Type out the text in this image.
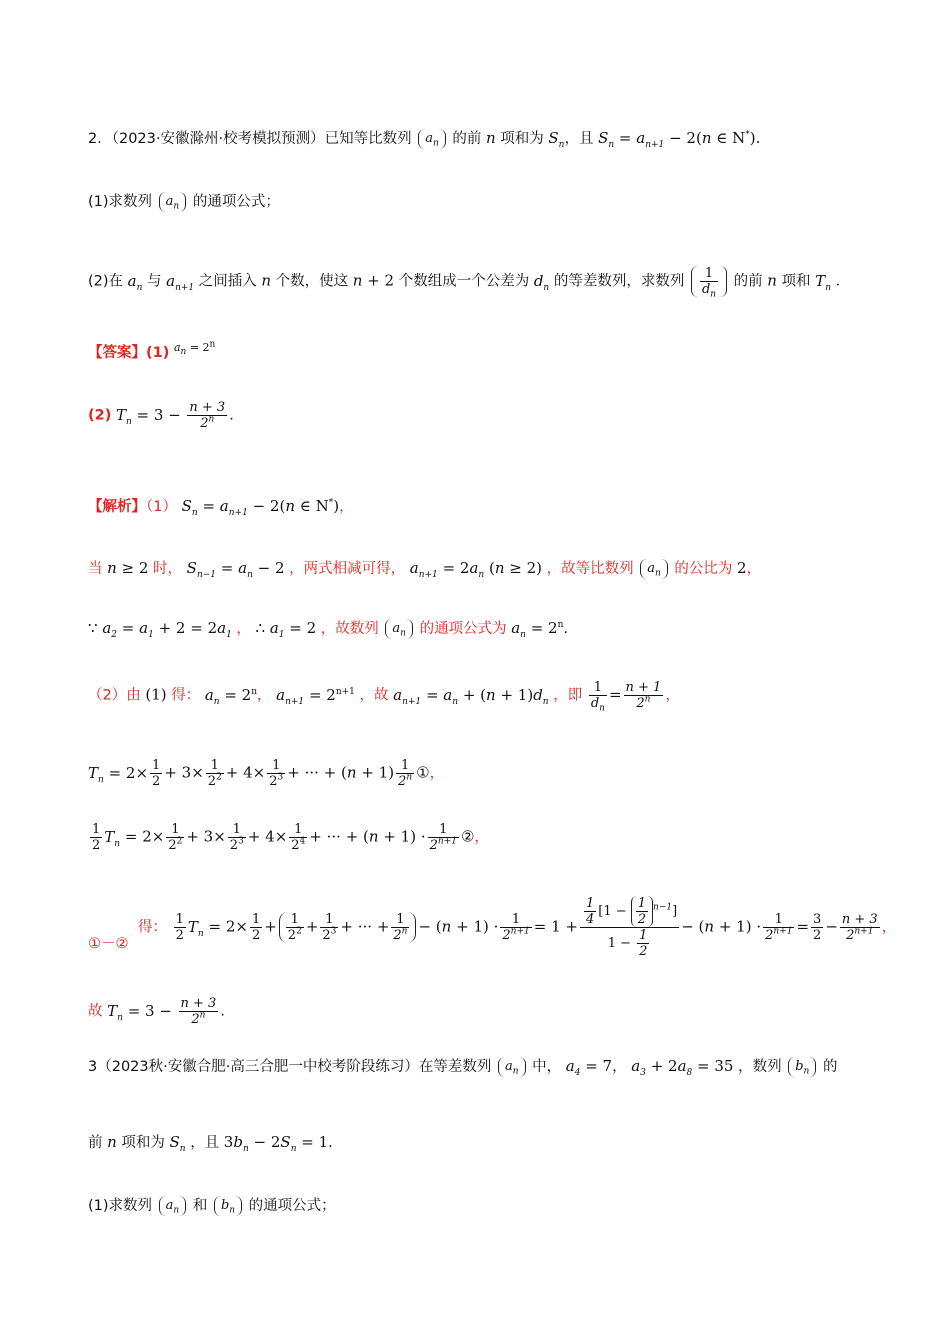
2．（2023·安徽滁州·校考模拟预测）已知等比数列 $a_n$ 的前 n 项和为 $S_n$，且 $S_n = a_{n+1} - 2(n$ ∈ N*).
(1)求数列 $a_n$ 的通项公式；
(2)在 $a_n$ 与 $a_{n+1}$ 之间插入 n 个数，使这 n + 2 个数组成一个公差为 $d_n$ 的等差数列，求数列 $\frac{1}{d_n}$ 的前 n 项和 $T_n$ ．
【答案】(1) $^{a_n = 2^n}$
(2) $T_n = 3 - \frac{n + 3}{2^n}$ .
【解析】（1） $S_n = a_{n+1} - 2(n$ ∈ N*)，
当 n ≥ 2 时， $S_{n-1} = a_n - 2$ ，两式相减可得， $a_{n+1} = 2a_n$ (n ≥ 2) ，故等比数列 $a_n$ 的公比为 2，
∵ $a_2 = a_1 + 2 = 2a_1$ ， ∴ $a_1 = 2$ ，故数列 $a_n$ 的通项公式为 $a_n = 2^n$.
（2）由 (1) 得： $a_n = 2^n$， $a_{n+1} = 2^{n+1}$ ，故 $a_{n+1} = a_n + (n + 1)d_n$ ，即 $\frac{1}{d_n} = \frac{n + 1}{2^n}$ ，
$T_n = 2\times \frac{1}{2} + 3\times \frac{1}{2^2} + 4\times \frac{1}{2^3}$ + ··· + $(n + 1) \frac{1}{2^n}$ ①，
$\frac{1}{2} T_n = 2\times \frac{1}{2^2} + 3\times \frac{1}{2^3} + 4\times \frac{1}{2^4}$ + ··· + $(n + 1) \cdot \frac{1}{2^{n+1}}$ ②，
得： $\frac{1}{2} T_n = 2\times \frac{1}{2} + \frac{1}{2^2} + \frac{1}{2^3}$ + ··· + $\frac{1}{2^n} - (n + 1) \cdot \frac{1}{2^{n+1}} = 1 + \frac{\frac{1}{4} [1 - \frac{1}{2} ^{n-1}]}{1 - \frac{1}{2}} - (n + 1) \cdot \frac{1}{2^{n+1}} = \frac{3}{2} - \frac{n + 3}{2^{n+1}}$ ，
①－②
故 $T_n = 3 - \frac{n + 3}{2^n}$ .
3（2023秋·安徽合肥·高三合肥一中校考阶段练习）在等差数列 $a_n$ 中， $a_4 = 7$， $a_3 + 2a_8 = 35$ ，数列 $b_n$ 的
前 n 项和为 $S_n$ ，且 $3b_n - 2S_n = 1$.
(1)求数列 $a_n$ 和 $b_n$ 的通项公式；
